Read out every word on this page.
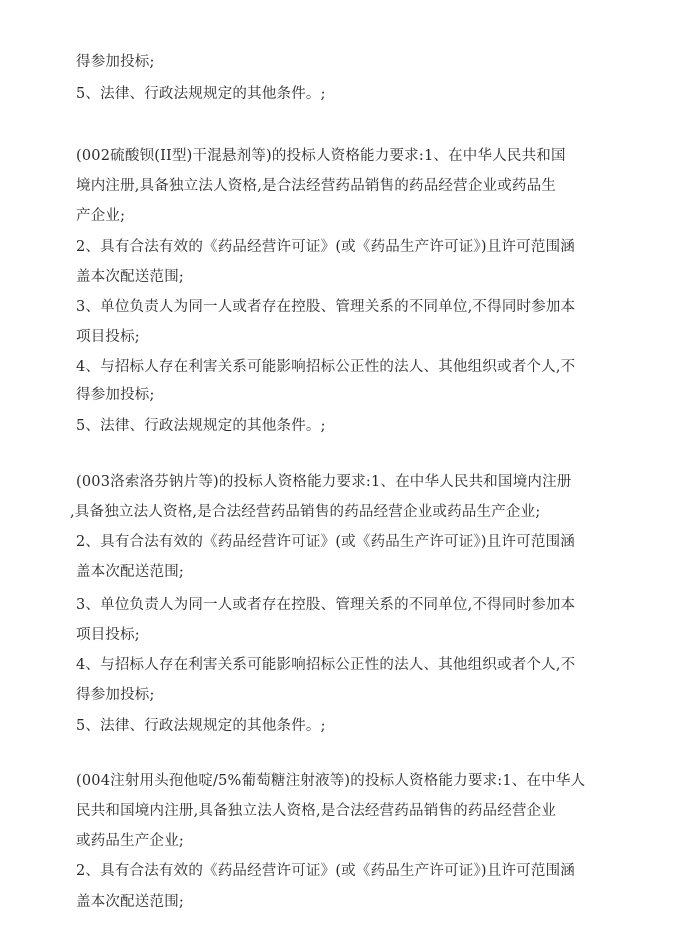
得参加投标;
5、法律、行政法规规定的其他条件。;
(002硫酸钡(II型)干混悬剂等)的投标人资格能力要求:1、在中华人民共和国
境内注册,具备独立法人资格,是合法经营药品销售的药品经营企业或药品生
产企业;
2、具有合法有效的《药品经营许可证》(或《药品生产许可证》)且许可范围涵
盖本次配送范围;
3、单位负责人为同一人或者存在控股、管理关系的不同单位,不得同时参加本
项目投标;
4、与招标人存在利害关系可能影响招标公正性的法人、其他组织或者个人,不
得参加投标;
5、法律、行政法规规定的其他条件。;
(003洛索洛芬钠片等)的投标人资格能力要求:1、在中华人民共和国境内注册
,具备独立法人资格,是合法经营药品销售的药品经营企业或药品生产企业;
2、具有合法有效的《药品经营许可证》(或《药品生产许可证》)且许可范围涵
盖本次配送范围;
3、单位负责人为同一人或者存在控股、管理关系的不同单位,不得同时参加本
项目投标;
4、与招标人存在利害关系可能影响招标公正性的法人、其他组织或者个人,不
得参加投标;
5、法律、行政法规规定的其他条件。;
(004注射用头孢他啶/5%葡萄糖注射液等)的投标人资格能力要求:1、在中华人
民共和国境内注册,具备独立法人资格,是合法经营药品销售的药品经营企业
或药品生产企业;
2、具有合法有效的《药品经营许可证》(或《药品生产许可证》)且许可范围涵
盖本次配送范围;
